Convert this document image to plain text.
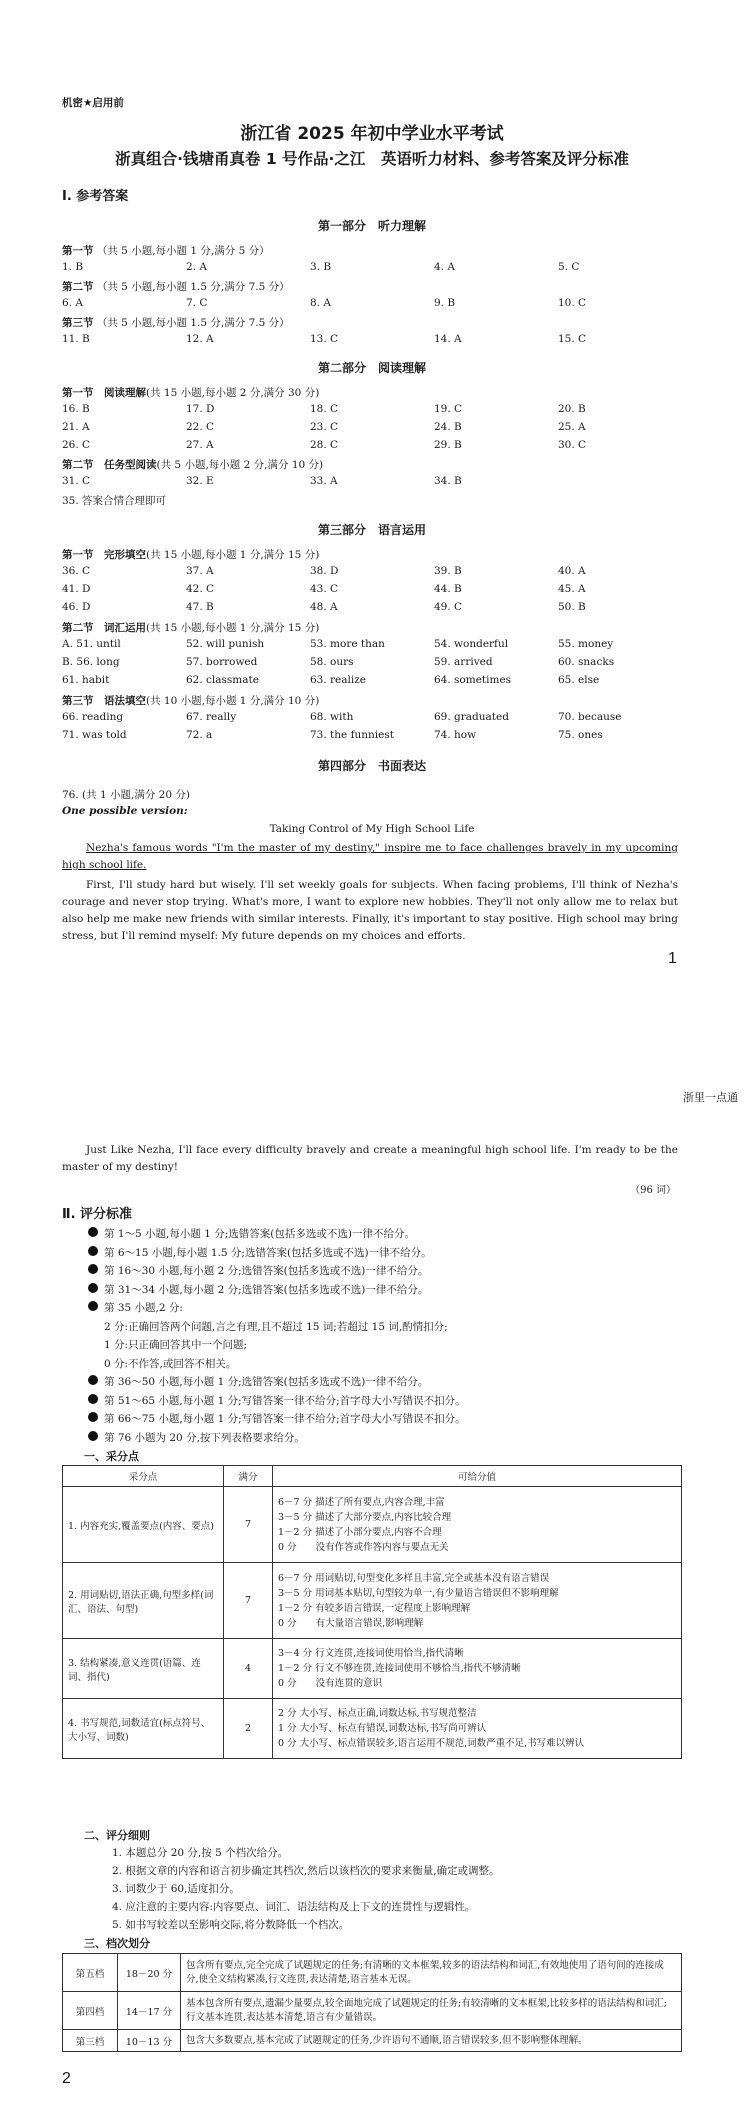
机密★启用前
浙江省 2025 年初中学业水平考试
浙真组合·钱塘甬真卷 1 号作品·之江　英语听力材料、参考答案及评分标准
Ⅰ. 参考答案
第一部分　听力理解
第一节 （共 5 小题,每小题 1 分,满分 5 分）
1. B	2. A	3. B	4. A	5. C
第二节 （共 5 小题,每小题 1.5 分,满分 7.5 分）
6. A	7. C	8. A	9. B	10. C
第三节 （共 5 小题,每小题 1.5 分,满分 7.5 分）
11. B	12. A	13. C	14. A	15. C
第二部分　阅读理解
第一节　阅读理解(共 15 小题,每小题 2 分,满分 30 分)
16. B	17. D	18. C	19. C	20. B
21. A	22. C	23. C	24. B	25. A
26. C	27. A	28. C	29. B	30. C
第二节　任务型阅读(共 5 小题,每小题 2 分,满分 10 分)
31. C	32. E	33. A	34. B
35. 答案合情合理即可
第三部分　语言运用
第一节　完形填空(共 15 小题,每小题 1 分,满分 15 分)
36. C	37. A	38. D	39. B	40. A
41. D	42. C	43. C	44. B	45. A
46. D	47. B	48. A	49. C	50. B
第二节　词汇运用(共 15 小题,每小题 1 分,满分 15 分)
A. 51. until	52. will punish	53. more than	54. wonderful	55. money
B. 56. long	57. borrowed	58. ours	59. arrived	60. snacks
61. habit	62. classmate	63. realize	64. sometimes	65. else
第三节　语法填空(共 10 小题,每小题 1 分,满分 10 分)
66. reading	67. really	68. with	69. graduated	70. because
71. was told	72. a	73. the funniest	74. how	75. ones
第四部分　书面表达
76. (共 1 小题,满分 20 分)
One possible version:
Taking Control of My High School Life
Nezha's famous words "I'm the master of my destiny," inspire me to face challenges bravely in my upcoming high school life.
First, I'll study hard but wisely. I'll set weekly goals for subjects. When facing problems, I'll think of Nezha's courage and never stop trying. What's more, I want to explore new hobbies. They'll not only allow me to relax but also help me make new friends with similar interests. Finally, it's important to stay positive. High school may bring stress, but I'll remind myself: My future depends on my choices and efforts.
1
浙里一点通
Just Like Nezha, I'll face every difficulty bravely and create a meaningful high school life. I'm ready to be the master of my destiny!
（96 词）
Ⅱ. 评分标准
第 1～5 小题,每小题 1 分;选错答案(包括多选或不选)一律不给分。
第 6～15 小题,每小题 1.5 分;选错答案(包括多选或不选)一律不给分。
第 16～30 小题,每小题 2 分;选错答案(包括多选或不选)一律不给分。
第 31～34 小题,每小题 2 分;选错答案(包括多选或不选)一律不给分。
第 35 小题,2 分:
2 分:正确回答两个问题,言之有理,且不超过 15 词;若超过 15 词,酌情扣分;
1 分:只正确回答其中一个问题;
0 分:不作答,或回答不相关。
第 36～50 小题,每小题 1 分;选错答案(包括多选或不选)一律不给分。
第 51～65 小题,每小题 1 分;写错答案一律不给分;首字母大小写错误不扣分。
第 66～75 小题,每小题 1 分;写错答案一律不给分;首字母大小写错误不扣分。
第 76 小题为 20 分,按下列表格要求给分。
一、采分点
采分点	满分	可给分值
1. 内容充实,覆盖要点(内容、要点)	7	6－7 分 描述了所有要点,内容合理,丰富
3－5 分 描述了大部分要点,内容比较合理
1－2 分 描述了小部分要点,内容不合理
0 分　　没有作答或作答内容与要点无关

2. 用词贴切,语法正确,句型多样(词汇、语法、句型)	7	6－7 分 用词贴切,句型变化多样且丰富,完全或基本没有语言错误
3－5 分 用词基本贴切,句型较为单一,有少量语言错误但不影响理解
1－2 分 有较多语言错误,一定程度上影响理解
0 分　　有大量语言错误,影响理解

3. 结构紧凑,意义连贯(语篇、连词、指代)	4	3－4 分 行文连贯,连接词使用恰当,指代清晰
1－2 分 行文不够连贯,连接词使用不够恰当,指代不够清晰
0 分　　没有连贯的意识

4. 书写规范,词数适宜(标点符号、大小写、词数)	2	2 分 大小写、标点正确,词数达标,书写规范整洁
1 分 大小写、标点有错误,词数达标,书写尚可辨认
0 分 大小写、标点错误较多,语言运用不规范,词数严重不足,书写难以辨认
二、评分细则
1. 本题总分 20 分,按 5 个档次给分。
2. 根据文章的内容和语言初步确定其档次,然后以该档次的要求来衡量,确定或调整。
3. 词数少于 60,适度扣分。
4. 应注意的主要内容:内容要点、词汇、语法结构及上下文的连贯性与逻辑性。
5. 如书写较差以至影响交际,将分数降低一个档次。
三、档次划分
第五档	18－20 分	包含所有要点,完全完成了试题规定的任务;有清晰的文本框架,较多的语法结构和词汇,有效地使用了语句间的连接成分,使全文结构紧凑,行文连贯,表达清楚,语言基本无误。
第四档	14－17 分	基本包含所有要点,遗漏少量要点,较全面地完成了试题规定的任务;有较清晰的文本框架,比较多样的语法结构和词汇;行文基本连贯,表达基本清楚,语言有少量错误。
第三档	10－13 分	包含大多数要点,基本完成了试题规定的任务,少许语句不通顺,语言错误较多,但不影响整体理解。
2
